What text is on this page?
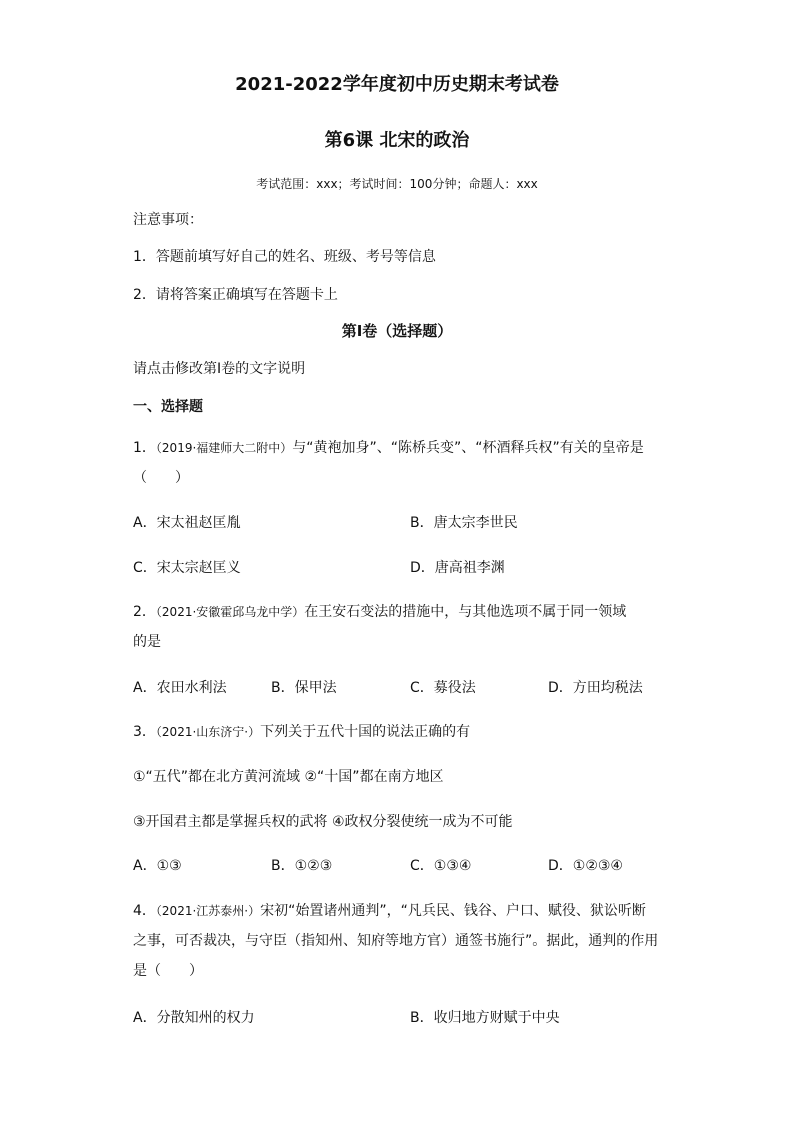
2021-2022学年度初中历史期末考试卷
第6课 北宋的政治
考试范围：xxx；考试时间：100分钟；命题人：xxx
注意事项：
1．答题前填写好自己的姓名、班级、考号等信息
2．请将答案正确填写在答题卡上
第I卷（选择题）
请点击修改第I卷的文字说明
一、选择题
1．（2019·福建师大二附中）与“黄袍加身”、“陈桥兵变”、“杯酒释兵权”有关的皇帝是
（　　）
A．宋太祖赵匡胤	B．唐太宗李世民
C．宋太宗赵匡义	D．唐高祖李渊
2．（2021·安徽霍邱乌龙中学）在王安石变法的措施中，与其他选项不属于同一领域
的是
A．农田水利法	B．保甲法	C．募役法	D．方田均税法
3．（2021·山东济宁·）下列关于五代十国的说法正确的有
①“五代”都在北方黄河流域 ②“十国”都在南方地区
③开国君主都是掌握兵权的武将 ④政权分裂使统一成为不可能
A．①③	B．①②③	C．①③④	D．①②③④
4．（2021·江苏泰州·）宋初“始置诸州通判”，“凡兵民、钱谷、户口、赋役、狱讼听断
之事，可否裁决，与守臣（指知州、知府等地方官）通签书施行”。据此，通判的作用
是（　　）
A．分散知州的权力	B．收归地方财赋于中央
